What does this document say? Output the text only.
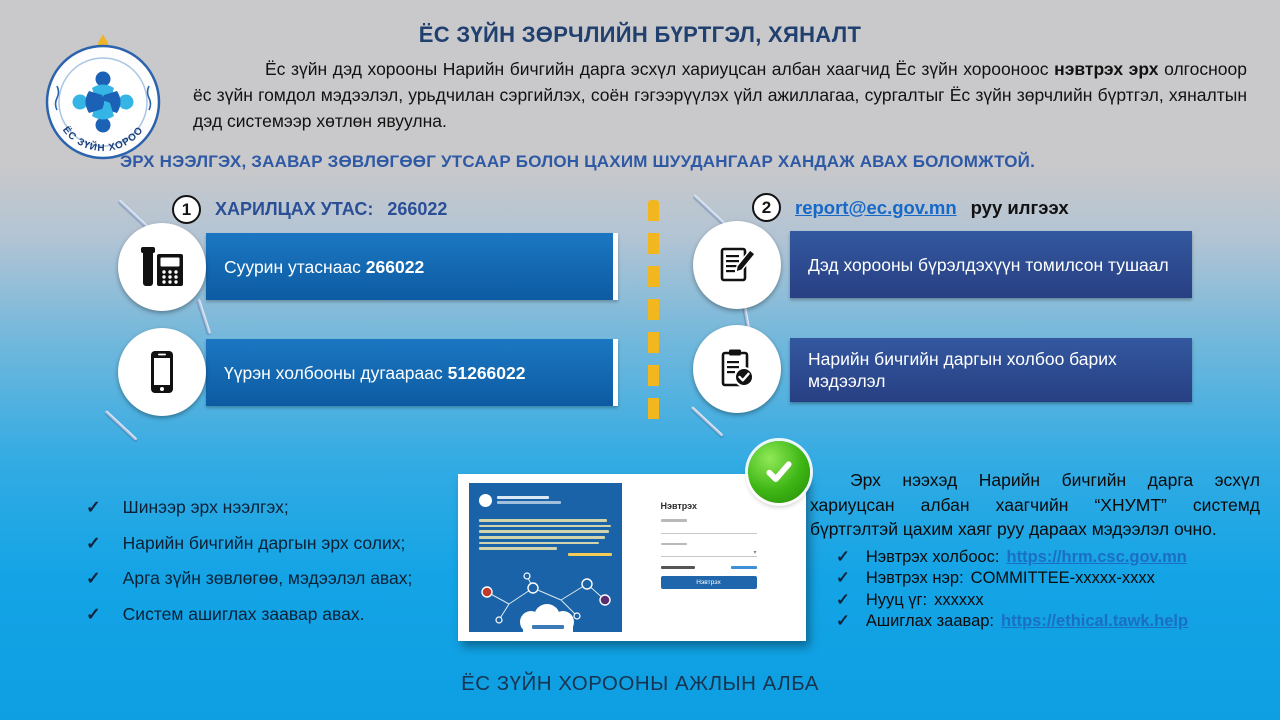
ЁС ЗҮЙН ХОРОО
ЁС ЗҮЙН ЗӨРЧЛИЙН БҮРТГЭЛ, ХЯНАЛТ

Ёс зүйн дэд хорооны Нарийн бичгийн дарга эсхүл хариуцсан албан хаагчид Ёс зүйн хорооноос нэвтрэх эрх олгосноор ёс зүйн гомдол мэдээлэл, урьдчилан сэргийлэх, соён гэгээрүүлэх үйл ажиллагаа, сургалтыг Ёс зүйн зөрчлийн бүртгэл, хяналтын дэд системээр хөтлөн явуулна.

ЭРХ НЭЭЛГЭХ, ЗААВАР ЗӨВЛӨГӨӨГ УТСААР БОЛОН ЦАХИМ ШУУДАНГААР ХАНДАЖ АВАХ БОЛОМЖТОЙ.
1	ХАРИЛЦАХ УТАС: 266022
Суурин утаснаас 266022
Үүрэн холбооны дугаараас 51266022
2	report@ec.gov.mn руу илгээх
Дэд хорооны бүрэлдэхүүн томилсон тушаал
Нарийн бичгийн даргын холбоо барих мэдээлэл
✓ Шинээр эрх нээлгэх;
✓ Нарийн бичгийн даргын эрх солих;
✓ Арга зүйн зөвлөгөө, мэдээлэл авах;
✓ Систем ашиглах заавар авах.
Нэвтрэх
▾
Нэвтрэх

Эрх нээхэд Нарийн бичгийн дарга эсхүл хариуцсан албан хаагчийн “ХНУМТ” системд бүртгэлтэй цахим хаяг руу дараах мэдээлэл очно.

✓ Нэвтрэх холбоос: https://hrm.csc.gov.mn
✓ Нэвтрэх нэр: COMMITTEE-xxxxx-xxxx
✓ Нууц үг: xxxxxx
✓ Ашиглах заавар: https://ethical.tawk.help
ЁС ЗҮЙН ХОРООНЫ АЖЛЫН АЛБА
